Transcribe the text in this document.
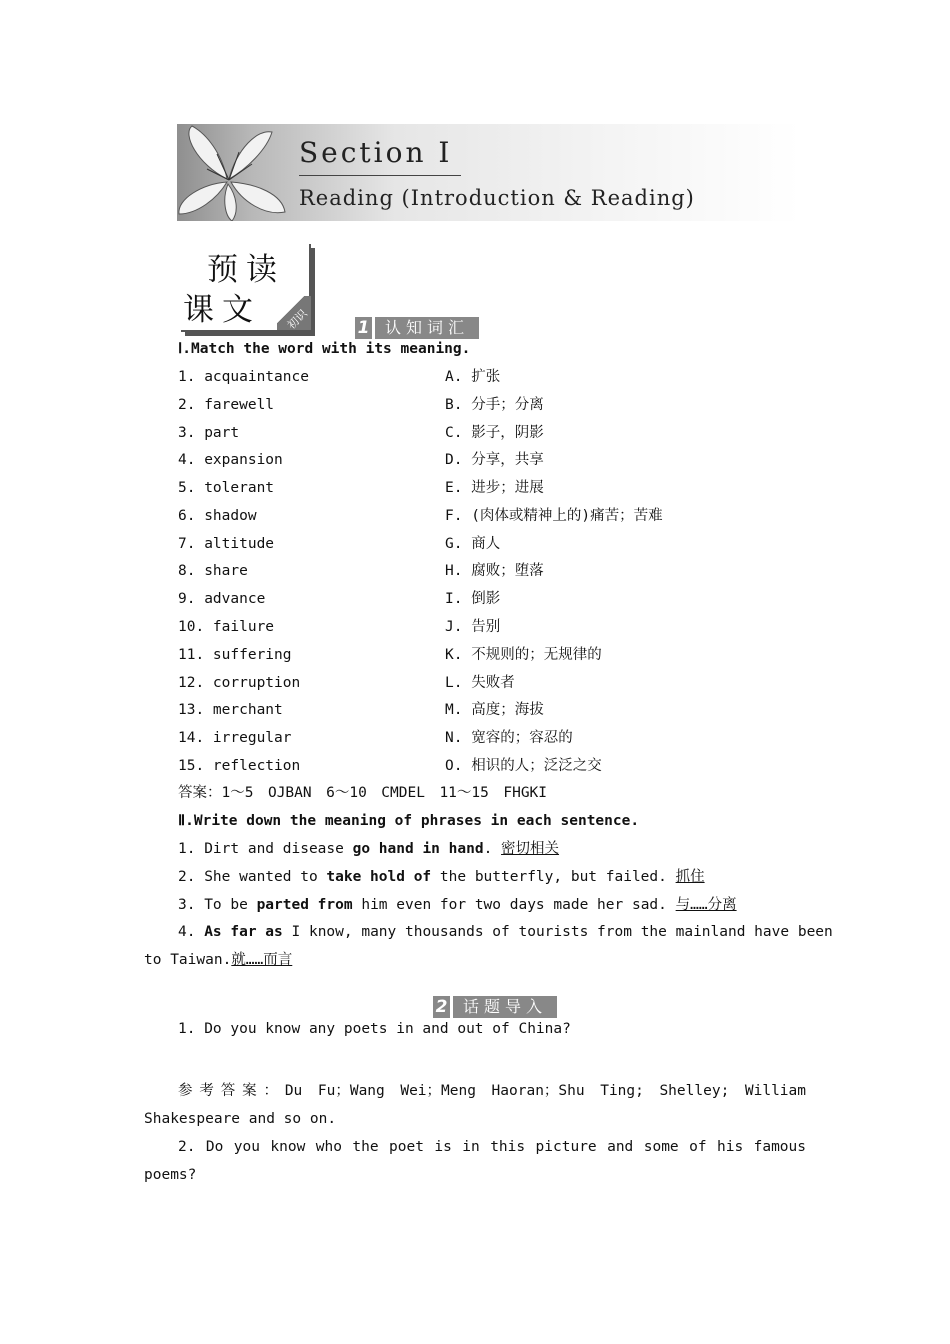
Section I
Reading (Introduction & Reading)
预读
课文 初识	1 认知词汇
Ⅰ.Match the word with its meaning.
1. acquaintance
2. farewell
3. part
4. expansion
5. tolerant
6. shadow
7. altitude
8. share
9. advance
10. failure
11. suffering
12. corruption
13. merchant
14. irregular
15. reflection
A. 扩张
B. 分手；分离
C. 影子，阴影
D. 分享，共享
E. 进步；进展
F. (肉体或精神上的)痛苦；苦难
G. 商人
H. 腐败；堕落
I. 倒影
J. 告别
K. 不规则的；无规律的
L. 失败者
M. 高度；海拔
N. 宽容的；容忍的
O. 相识的人；泛泛之交
答案：1～5　OJBAN　6～10　CMDEL　11～15　FHGKI
Ⅱ.Write down the meaning of phrases in each sentence.
1. Dirt and disease go hand in hand. 密切相关
2. She wanted to take hold of the butterfly, but failed. 抓住
3. To be parted from him even for two days made her sad. 与……分离
4. As far as I know, many thousands of tourists from the mainland have been
to Taiwan.就……而言
2 话题导入
1. Do you know any poets in and out of China?
参考答案：Du Fu；Wang Wei；Meng Haoran；Shu Ting; Shelley; William
Shakespeare and so on.
2. Do you know who the poet is in this picture and some of his famous
poems?
